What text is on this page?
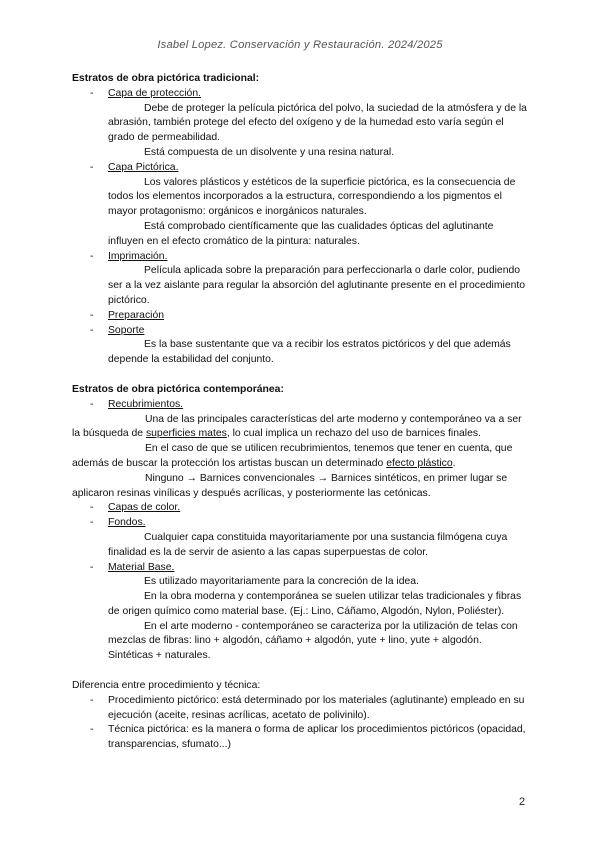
Isabel Lopez. Conservación y Restauración. 2024/2025

Estratos de obra pictórica tradicional:

- Capa de protección.

Debe de proteger la película pictórica del polvo, la suciedad de la atmósfera y de la abrasión, también protege del efecto del oxígeno y de la humedad esto varía según el grado de permeabilidad.

Está compuesta de un disolvente y una resina natural.

- Capa Pictórica.

Los valores plásticos y estéticos de la superficie pictórica, es la consecuencia de todos los elementos incorporados a la estructura, correspondiendo a los pigmentos el mayor protagonismo: orgánicos e inorgánicos naturales.

Está comprobado científicamente que las cualidades ópticas del aglutinante influyen en el efecto cromático de la pintura: naturales.

- Imprimación.

Película aplicada sobre la preparación para perfeccionarla o darle color, pudiendo ser a la vez aislante para regular la absorción del aglutinante presente en el procedimiento pictórico.

- Preparación
- Soporte

Es la base sustentante que va a recibir los estratos pictóricos y del que además depende la estabilidad del conjunto.

Estratos de obra pictórica contemporánea:

- Recubrimientos.

Una de las principales características del arte moderno y contemporáneo va a ser la búsqueda de superficies mates, lo cual implica un rechazo del uso de barnices finales.

En el caso de que se utilicen recubrimientos, tenemos que tener en cuenta, que además de buscar la protección los artistas buscan un determinado efecto plástico.

Ninguno → Barnices convencionales → Barnices sintéticos, en primer lugar se aplicaron resinas vinílicas y después acrílicas, y posteriormente las cetónicas.

- Capas de color.
- Fondos.

Cualquier capa constituida mayoritariamente por una sustancia filmógena cuya finalidad es la de servir de asiento a las capas superpuestas de color.

- Material Base.

Es utilizado mayoritariamente para la concreción de la idea.

En la obra moderna y contemporánea se suelen utilizar telas tradicionales y fibras de origen químico como material base. (Ej.: Lino, Cáñamo, Algodón, Nylon, Poliéster).

En el arte moderno - contemporáneo se caracteriza por la utilización de telas con mezclas de fibras: lino + algodón, cáñamo + algodón, yute + lino, yute + algodón. Sintéticas + naturales.

Diferencia entre procedimiento y técnica:

- Procedimiento pictórico: está determinado por los materiales (aglutinante) empleado en su ejecución (aceite, resinas acrílicas, acetato de polivinilo).
- Técnica pictórica: es la manera o forma de aplicar los procedimientos pictóricos (opacidad, transparencias, sfumato...)
2
